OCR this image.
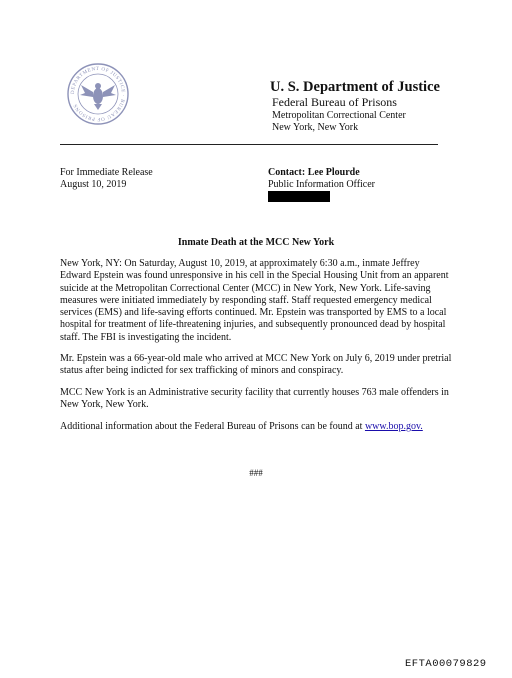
DEPARTMENT OF JUSTICE · BUREAU OF PRISONS
U. S. Department of Justice
Federal Bureau of Prisons
Metropolitan Correctional Center
New York, New York
For Immediate Release
August 10, 2019
Contact: Lee Plourde
Public Information Officer
Inmate Death at the MCC New York
New York, NY: On Saturday, August 10, 2019, at approximately 6:30 a.m., inmate Jeffrey Edward Epstein was found unresponsive in his cell in the Special Housing Unit from an apparent suicide at the Metropolitan Correctional Center (MCC) in New York, New York. Life-saving measures were initiated immediately by responding staff. Staff requested emergency medical services (EMS) and life-saving efforts continued. Mr. Epstein was transported by EMS to a local hospital for treatment of life-threatening injuries, and subsequently pronounced dead by hospital staff. The FBI is investigating the incident.
Mr. Epstein was a 66-year-old male who arrived at MCC New York on July 6, 2019 under pretrial status after being indicted for sex trafficking of minors and conspiracy.
MCC New York is an Administrative security facility that currently houses 763 male offenders in New York, New York.
Additional information about the Federal Bureau of Prisons can be found at www.bop.gov.
###
EFTA00079829
